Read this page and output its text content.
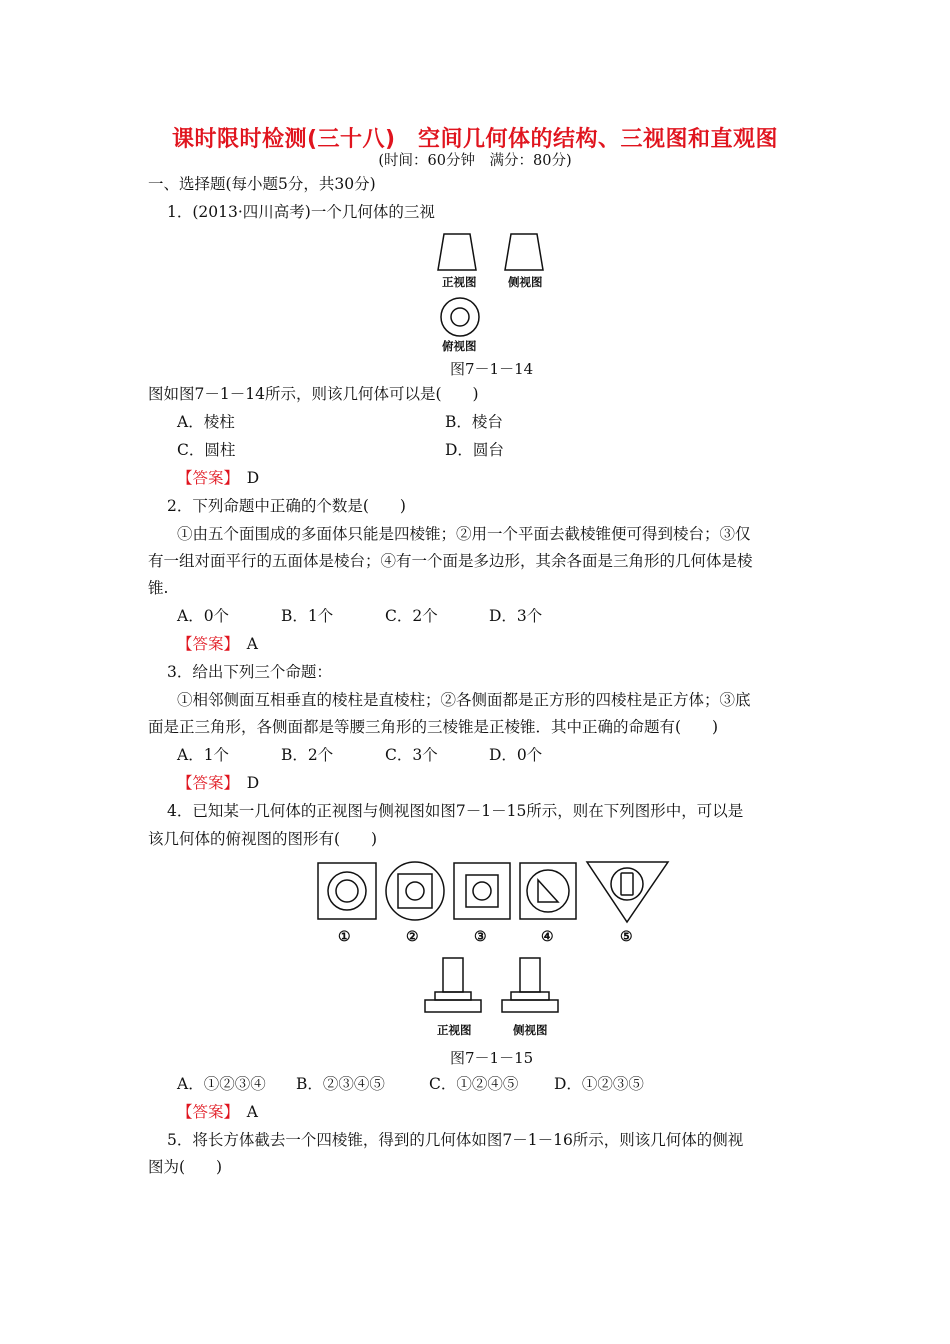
课时限时检测(三十八)　空间几何体的结构、三视图和直观图
(时间：60分钟　满分：80分)
一、选择题(每小题5分，共30分)
1．(2013·四川高考)一个几何体的三视
正视图	侧视图
俯视图
图7－1－14
图如图7－1－14所示，则该几何体可以是(　　)
A．棱柱	B．棱台
C．圆柱	D．圆台
【答案】　 D
2．下列命题中正确的个数是(　　)
①由五个面围成的多面体只能是四棱锥；②用一个平面去截棱锥便可得到棱台；③仅
有一组对面平行的五面体是棱台；④有一个面是多边形，其余各面是三角形的几何体是棱
锥.
A．0个	B．1个	C．2个	D．3个
【答案】　 A
3．给出下列三个命题：
①相邻侧面互相垂直的棱柱是直棱柱；②各侧面都是正方形的四棱柱是正方体；③底
面是正三角形，各侧面都是等腰三角形的三棱锥是正棱锥．其中正确的命题有(　　)
A．1个	B．2个	C．3个	D．0个
【答案】　 D
4．已知某一几何体的正视图与侧视图如图7－1－15所示，则在下列图形中，可以是
该几何体的俯视图的图形有(　　)
①	②	③	④	⑤
正视图	侧视图
图7－1－15
A．①②③④ B．②③④⑤	C．①②④⑤ D．①②③⑤
【答案】　 A
5．将长方体截去一个四棱锥，得到的几何体如图7－1－16所示，则该几何体的侧视
图为(　　)
